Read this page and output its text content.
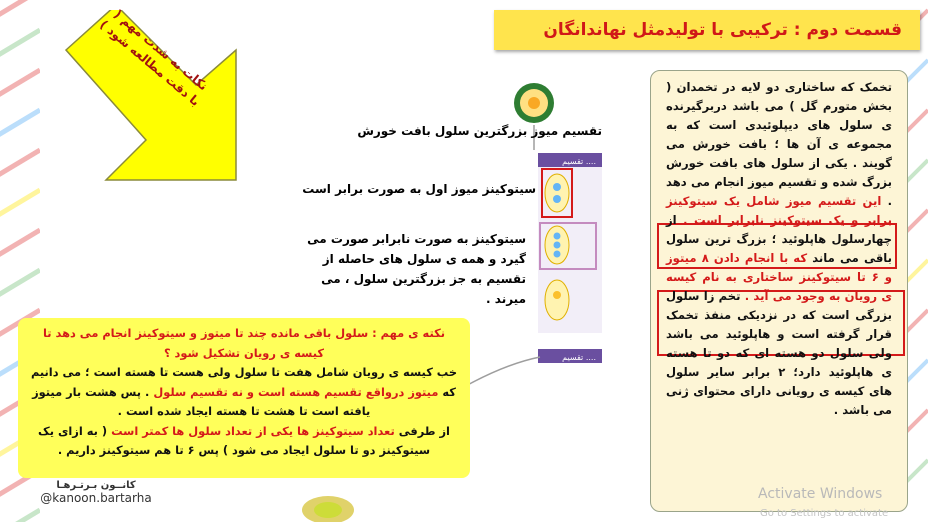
قسمت دوم : ترکیبی با تولیدمثل نهاندانگان
نکات به شدت مهم ( با دقت مطالعه شود )
تقسیم ....
تقسیم ....
تقسیم میوز بزرگترین سلول بافت خورش
سیتوکینز میوز اول به صورت برابر است
سیتوکینز به صورت نابرابر صورت می گیرد و همه ی سلول های حاصله از تقسیم به جز بزرگترین سلول ، می میرند .
تخمک که ساختاری دو لایه در تخمدان ( بخش متورم گل ) می باشد دربرگیرنده ی سلول های دیپلوئیدی است که به مجموعه ی آن ها ؛ بافت خورش می گویند . یکی از سلول های بافت خورش بزرگ شده و تقسیم میوز انجام می دهد . این تقسیم میوز شامل یک سیتوکینز برابر و یک سیتوکینز نابرابر است . از چهارسلول هاپلوئید ؛ بزرگ ترین سلول باقی می ماند که با انجام دادن ۸ میتوز و ۶ تا سیتوکینز ساختاری به نام کیسه ی رویان به وجود می آید . تخم زا سلول بزرگی است که در نزدیکی منفذ تخمک قرار گرفته است و هاپلوئید می باشد ولی سلول دو هسته ای که دو تا هسته ی هاپلوئید دارد؛ ۲ برابر سایر سلول های کیسه ی رویانی دارای محتوای ژنی می باشد .
نکته ی مهم : سلول باقی مانده چند تا میتوز و سیتوکینز انجام می دهد تا کیسه ی رویان تشکیل شود ؟
خب کیسه ی رویان شامل هفت تا سلول ولی هست تا هسته است ؛ می دانیم که میتوز درواقع تقسیم هسته است و نه تقسیم سلول . پس هشت بار میتوز یافته است تا هشت تا هسته ایجاد شده است .
از طرفی تعداد سیتوکینز ها یکی از تعداد سلول ها کمتر است ( به ازای یک سیتوکینز دو تا سلول ایجاد می شود ) پس ۶ تا هم سیتوکینز داریم .
کانــون بـرتـرهـا
@kanoon.bartarha	Activate Windows
Go to Settings to activate
